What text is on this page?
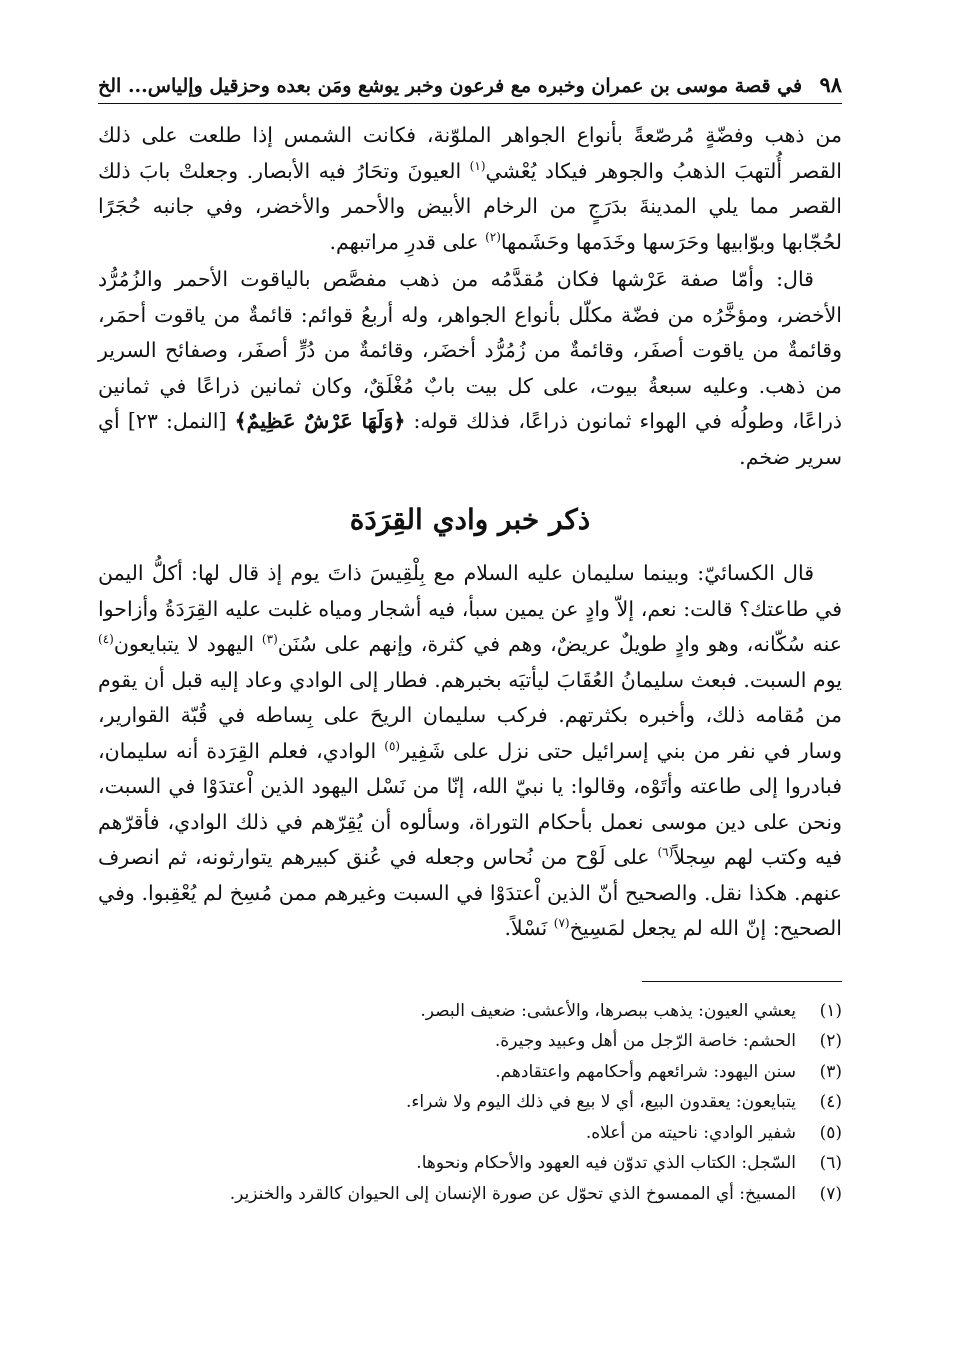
٩٨
في قصة موسى بن عمران وخبره مع فرعون وخبر يوشع ومَن بعده وحزقيل وإلياس... الخ

من ذهب وفضّةٍ مُرصّعةً بأنواع الجواهر الملوّنة، فكانت الشمس إذا طلعت على ذلك القصر أُلتهبَ الذهبُ والجوهر فيكاد يُعْشي$^{(١)}$ العيونَ وتحَارُ فيه الأبصار. وجعلتْ بابَ ذلك القصر مما يلي المدينةَ بدَرَجٍ من الرخام الأبيض والأحمر والأخضر، وفي جانبه حُجَرًا لحُجّابها وبوّابيها وحَرَسها وخَدَمها وحَشَمها$^{(٢)}$ على قدرِ مراتبهم.

قال: وأمّا صفة عَرْشها فكان مُقدَّمُه من ذهب مفصَّص بالياقوت الأحمر والزُمُرُّد الأخضر، ومؤخَّرُه من فضّة مكلّل بأنواع الجواهر، وله أربعُ قوائم: قائمةٌ من ياقوت أحمَر، وقائمةٌ من ياقوت أصفَر، وقائمةٌ من زُمُرُّد أخضَر، وقائمةٌ من دُرٍّ أصفَر، وصفائح السرير من ذهب. وعليه سبعةُ بيوت، على كل بيت بابٌ مُغْلَقٌ، وكان ثمانين ذراعًا في ثمانين ذراعًا، وطولُه في الهواء ثمانون ذراعًا، فذلك قوله: ﴿وَلَهَا عَرْشٌ عَظِيمٌ﴾ [النمل: ٢٣] أي سرير ضخم.

ذكر خبر وادي القِرَدَة

قال الكسائيّ: وبينما سليمان عليه السلام مع بِلْقِيسَ ذاتَ يوم إذ قال لها: أكلُّ اليمن في طاعتك؟ قالت: نعم، إلاّ وادٍ عن يمين سبأ، فيه أشجار ومياه غلبت عليه القِرَدَةُ وأزاحوا عنه سُكّانه، وهو وادٍ طويلٌ عريضٌ، وهم في كثرة، وإنهم على سُنَن$^{(٣)}$ اليهود لا يتبايعون$^{(٤)}$ يوم السبت. فبعث سليمانُ العُقَابَ ليأتيَه بخبرهم. فطار إلى الوادي وعاد إليه قبل أن يقوم من مُقامه ذلك، وأخبره بكثرتهم. فركب سليمان الريحَ على بِساطه في قُبّة القوارير، وسار في نفر من بني إسرائيل حتى نزل على شَفِير$^{(٥)}$ الوادي، فعلم القِرَدة أنه سليمان، فبادروا إلى طاعته وأتَوْه، وقالوا: يا نبيّ الله، إنّا من نَسْل اليهود الذين اْعتدَوْا في السبت، ونحن على دين موسى نعمل بأحكام التوراة، وسألوه أن يُقِرّهم في ذلك الوادي، فأقرّهم فيه وكتب لهم سِجلاً$^{(٦)}$ على لَوْح من نُحاس وجعله في عُنق كبيرهم يتوارثونه، ثم انصرف عنهم. هكذا نقل. والصحيح أنّ الذين اْعتدَوْا في السبت وغيرهم ممن مُسِخ لم يُعْقِبوا. وفي الصحيح: إنّ الله لم يجعل لمَسِيخ$^{(٧)}$ نَسْلاً.

(١)
يعشي العيون: يذهب ببصرها، والأعشى: ضعيف البصر.
(٢)
الحشم: خاصة الرّجل من أهل وعبيد وجيرة.
(٣)
سنن اليهود: شرائعهم وأحكامهم واعتقادهم.
(٤)
يتبايعون: يعقدون البيع، أي لا بيع في ذلك اليوم ولا شراء.
(٥)
شفير الوادي: ناحيته من أعلاه.
(٦)
السّجل: الكتاب الذي تدوّن فيه العهود والأحكام ونحوها.
(٧)
المسيخ: أي الممسوخ الذي تحوّل عن صورة الإنسان إلى الحيوان كالقرد والخنزير.
